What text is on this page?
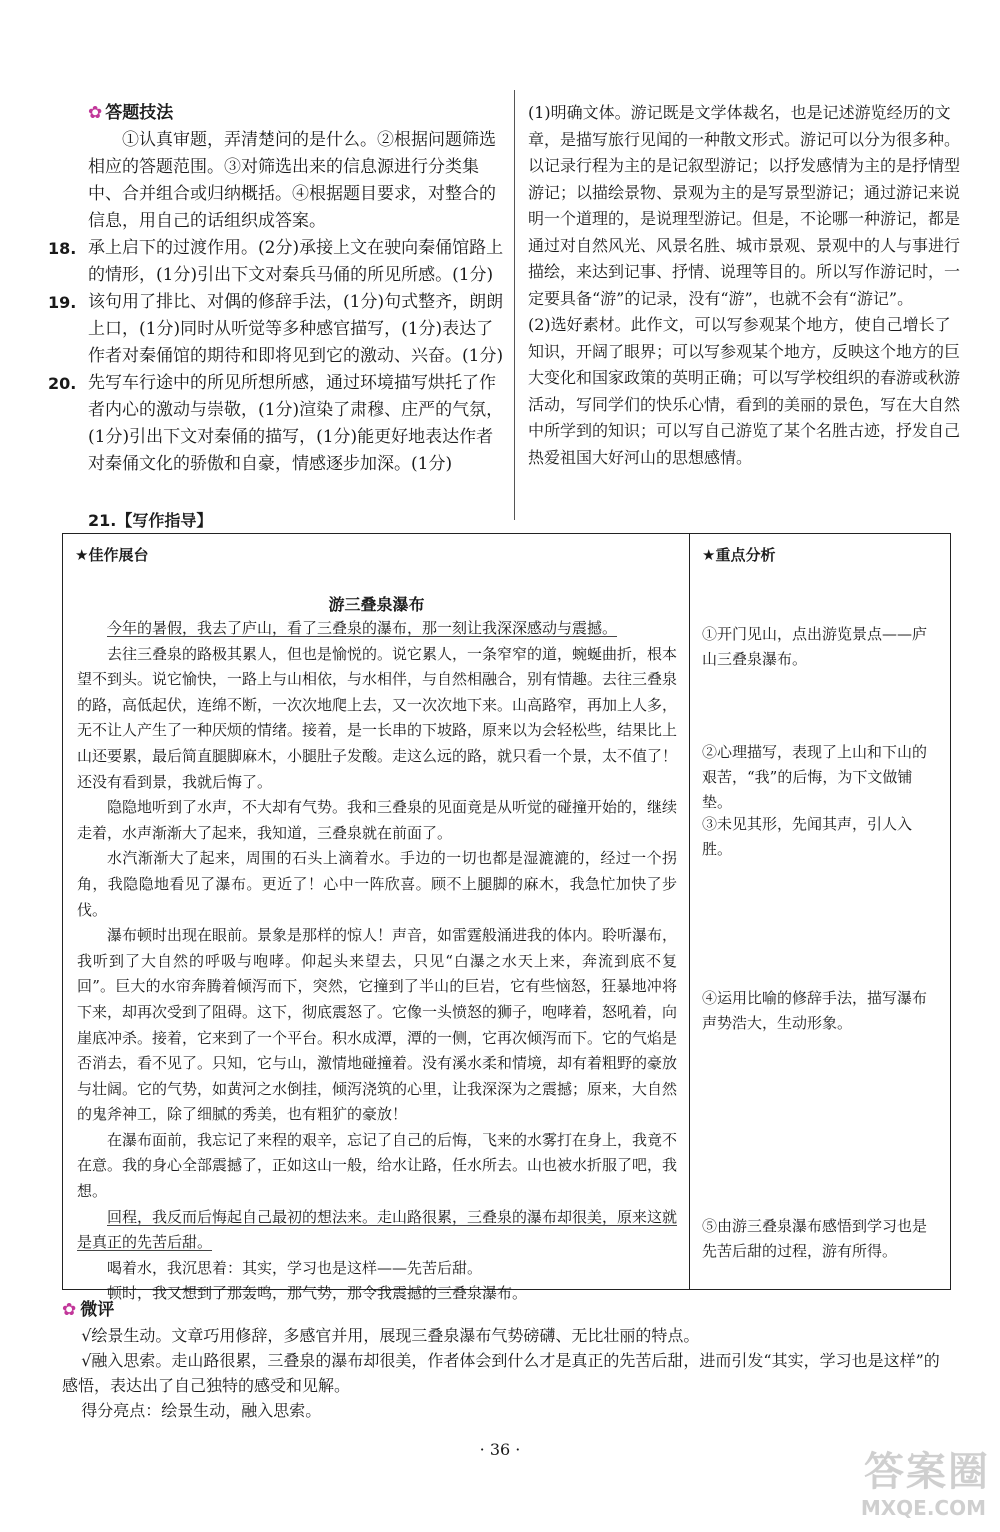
✿ 答题技法
①认真审题，弄清楚问的是什么。②根据问题筛选相应的答题范围。③对筛选出来的信息源进行分类集中、合并组合或归纳概括。④根据题目要求，对整合的信息，用自己的话组织成答案。
18. 承上启下的过渡作用。(2分)承接上文在驶向秦俑馆路上的情形，(1分)引出下文对秦兵马俑的所见所感。(1分)
19. 该句用了排比、对偶的修辞手法，(1分)句式整齐，朗朗上口，(1分)同时从听觉等多种感官描写，(1分)表达了作者对秦俑馆的期待和即将见到它的激动、兴奋。(1分)
20. 先写车行途中的所见所想所感，通过环境描写烘托了作者内心的激动与崇敬，(1分)渲染了肃穆、庄严的气氛，(1分)引出下文对秦俑的描写，(1分)能更好地表达作者对秦俑文化的骄傲和自豪，情感逐步加深。(1分)

(1)明确文体。游记既是文学体裁名，也是记述游览经历的文章，是描写旅行见闻的一种散文形式。游记可以分为很多种。以记录行程为主的是记叙型游记；以抒发感情为主的是抒情型游记；以描绘景物、景观为主的是写景型游记；通过游记来说明一个道理的，是说理型游记。但是，不论哪一种游记，都是通过对自然风光、风景名胜、城市景观、景观中的人与事进行描绘，来达到记事、抒情、说理等目的。所以写作游记时，一定要具备“游”的记录，没有“游”，也就不会有“游记”。

(2)选好素材。此作文，可以写参观某个地方，使自己增长了知识，开阔了眼界；可以写参观某个地方，反映这个地方的巨大变化和国家政策的英明正确；可以写学校组织的春游或秋游活动，写同学们的快乐心情，看到的美丽的景色，写在大自然中所学到的知识；可以写自己游览了某个名胜古迹，抒发自己热爱祖国大好河山的思想感情。

21.【写作指导】
★佳作展台
游三叠泉瀑布

今年的暑假，我去了庐山，看了三叠泉的瀑布，那一刻让我深深感动与震撼。

去往三叠泉的路极其累人，但也是愉悦的。说它累人，一条窄窄的道，蜿蜒曲折，根本望不到头。说它愉快，一路上与山相依，与水相伴，与自然相融合，别有情趣。去往三叠泉的路，高低起伏，连绵不断，一次次地爬上去，又一次次地下来。山高路窄，再加上人多，无不让人产生了一种厌烦的情绪。接着，是一长串的下坡路，原来以为会轻松些，结果比上山还要累，最后简直腿脚麻木，小腿肚子发酸。走这么远的路，就只看一个景，太不值了！还没有看到景，我就后悔了。

隐隐地听到了水声，不大却有气势。我和三叠泉的见面竟是从听觉的碰撞开始的，继续走着，水声渐渐大了起来，我知道，三叠泉就在前面了。

水汽渐渐大了起来，周围的石头上滴着水。手边的一切也都是湿漉漉的，经过一个拐角，我隐隐地看见了瀑布。更近了！心中一阵欣喜。顾不上腿脚的麻木，我急忙加快了步伐。

瀑布顿时出现在眼前。景象是那样的惊人！声音，如雷霆般涌进我的体内。聆听瀑布，我听到了大自然的呼吸与咆哮。仰起头来望去，只见“白瀑之水天上来，奔流到底不复回”。巨大的水帘奔腾着倾泻而下，突然，它撞到了半山的巨岩，它有些恼怒，狂暴地冲将下来，却再次受到了阻碍。这下，彻底震怒了。它像一头愤怒的狮子，咆哮着，怒吼着，向崖底冲杀。接着，它来到了一个平台。积水成潭，潭的一侧，它再次倾泻而下。它的气焰是否消去，看不见了。只知，它与山，激情地碰撞着。没有溪水柔和情境，却有着粗野的豪放与壮阔。它的气势，如黄河之水倒挂，倾泻浇筑的心里，让我深深为之震撼；原来，大自然的鬼斧神工，除了细腻的秀美，也有粗犷的豪放！

在瀑布面前，我忘记了来程的艰辛，忘记了自己的后悔，飞来的水雾打在身上，我竟不在意。我的身心全部震撼了，正如这山一般，给水让路，任水所去。山也被水折服了吧，我想。

回程，我反而后悔起自己最初的想法来。走山路很累，三叠泉的瀑布却很美，原来这就是真正的先苦后甜。

喝着水，我沉思着：其实，学习也是这样——先苦后甜。

顿时，我又想到了那轰鸣，那气势，那令我震撼的三叠泉瀑布。

★重点分析
①开门见山，点出游览景点——庐山三叠泉瀑布。
②心理描写，表现了上山和下山的艰苦，“我”的后悔，为下文做铺垫。
③未见其形，先闻其声，引人入胜。
④运用比喻的修辞手法，描写瀑布声势浩大，生动形象。
⑤由游三叠泉瀑布感悟到学习也是先苦后甜的过程，游有所得。
✿ 微评

√绘景生动。文章巧用修辞，多感官并用，展现三叠泉瀑布气势磅礴、无比壮丽的特点。

√融入思索。走山路很累，三叠泉的瀑布却很美，作者体会到什么才是真正的先苦后甜，进而引发“其实，学习也是这样”的感悟，表达出了自己独特的感受和见解。

得分亮点：绘景生动，融入思索。

· 36 ·	答案圈
MXQE.COM
